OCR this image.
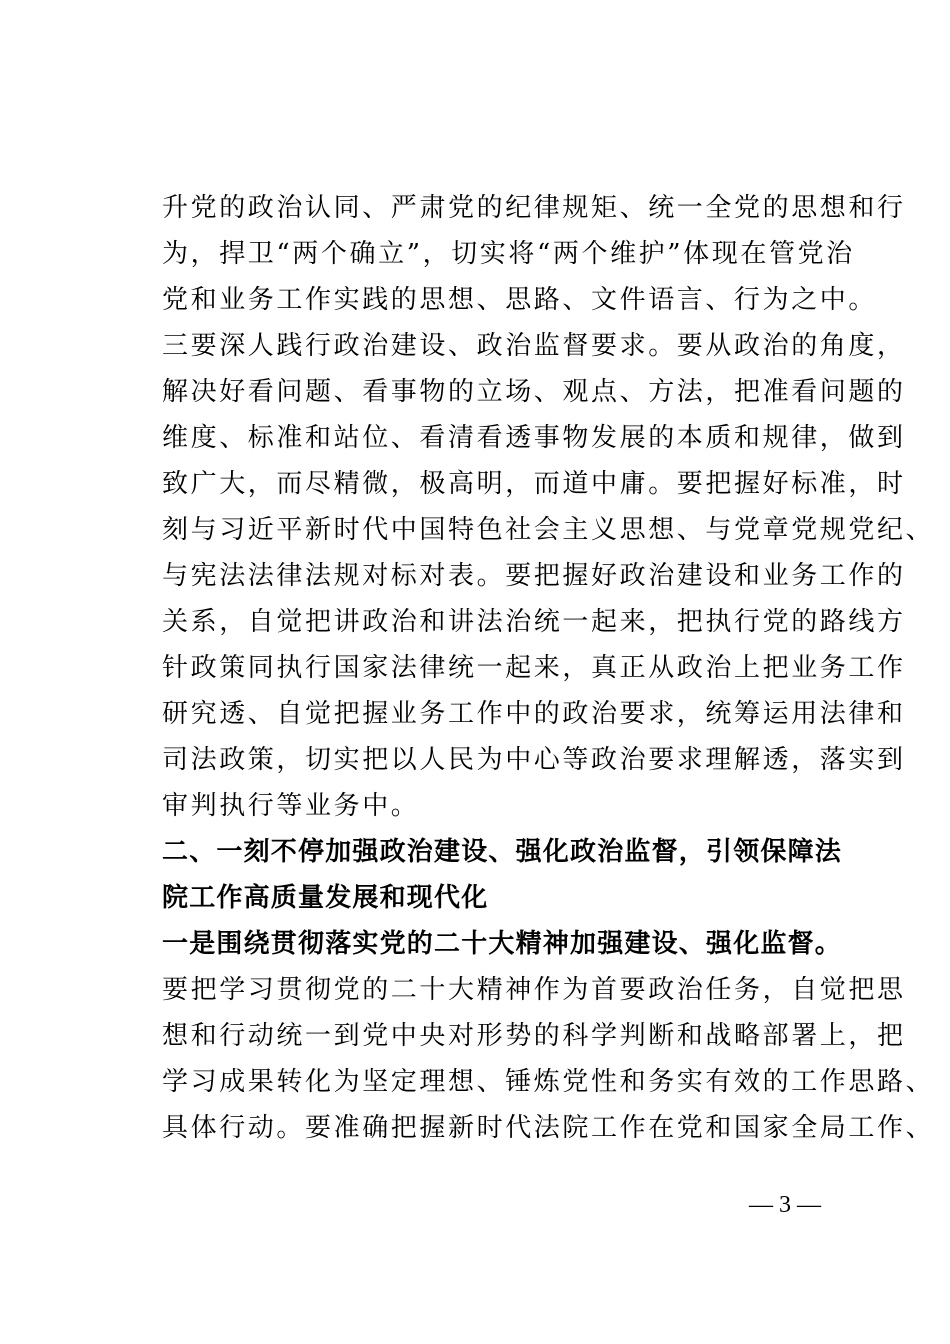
升党的政治认同、严肃党的纪律规矩、统一全党的思想和行
为，捍卫“两个确立”，切实将“两个维护”体现在管党治
党和业务工作实践的思想、思路、文件语言、行为之中。
三要深人践行政治建设、政治监督要求。要从政治的角度，
解决好看问题、看事物的立场、观点、方法，把准看问题的
维度、标准和站位、看清看透事物发展的本质和规律，做到
致广大，而尽精微，极高明，而道中庸。要把握好标准，时
刻与习近平新时代中国特色社会主义思想、与党章党规党纪、
与宪法法律法规对标对表。要把握好政治建设和业务工作的
关系，自觉把讲政治和讲法治统一起来，把执行党的路线方
针政策同执行国家法律统一起来，真正从政治上把业务工作
研究透、自觉把握业务工作中的政治要求，统筹运用法律和
司法政策，切实把以人民为中心等政治要求理解透，落实到
审判执行等业务中。
二、一刻不停加强政治建设、强化政治监督，引领保障法
院工作高质量发展和现代化
一是围绕贯彻落实党的二十大精神加强建设、强化监督。
要把学习贯彻党的二十大精神作为首要政治任务，自觉把思
想和行动统一到党中央对形势的科学判断和战略部署上，把
学习成果转化为坚定理想、锤炼党性和务实有效的工作思路、
具体行动。要准确把握新时代法院工作在党和国家全局工作、
— 3 —
